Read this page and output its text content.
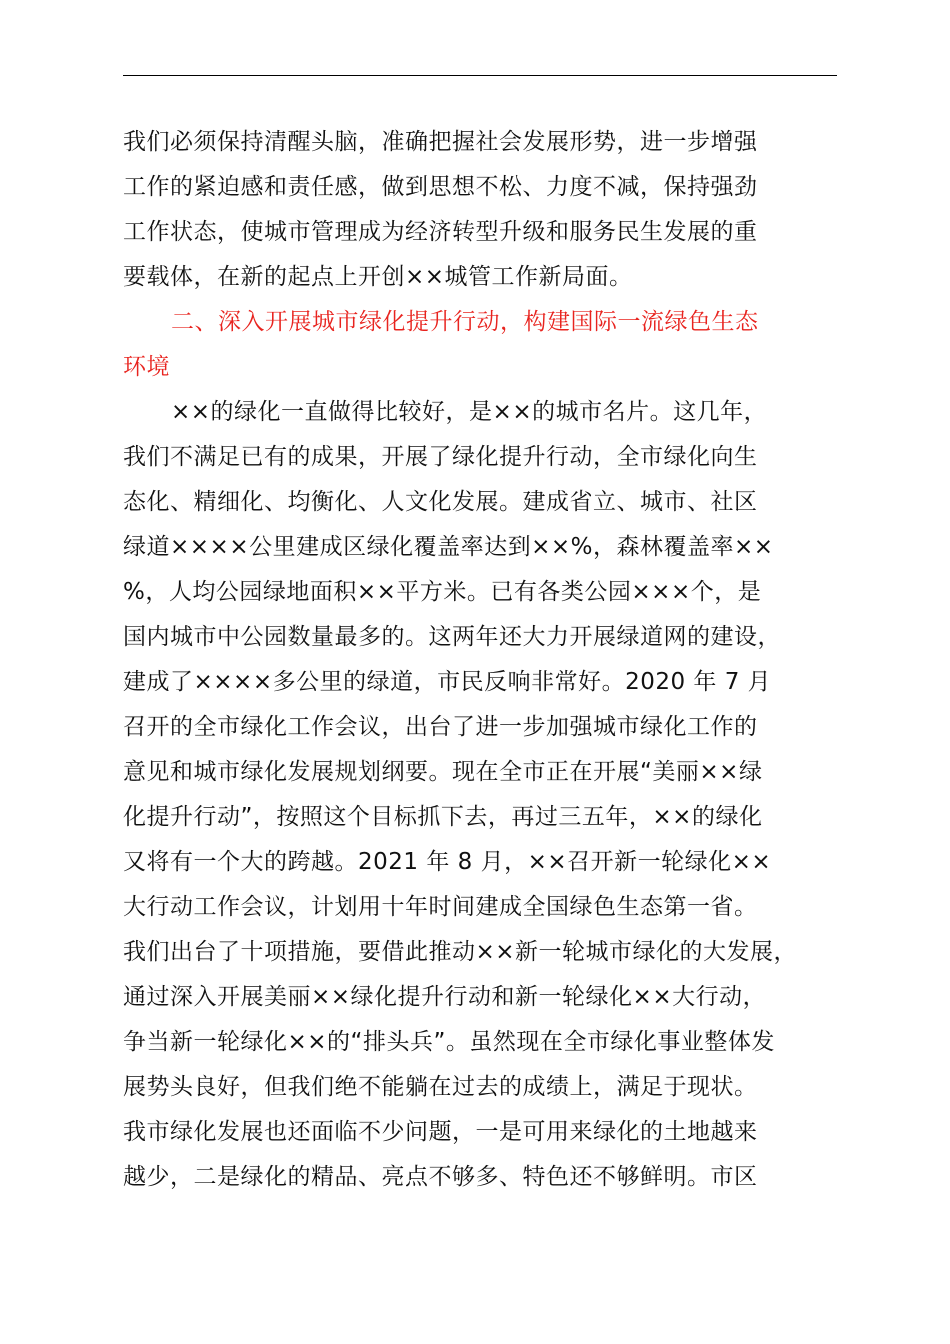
我们必须保持清醒头脑，准确把握社会发展形势，进一步增强
工作的紧迫感和责任感，做到思想不松、力度不减，保持强劲
工作状态，使城市管理成为经济转型升级和服务民生发展的重
要载体，在新的起点上开创××城管工作新局面。
二、深入开展城市绿化提升行动，构建国际一流绿色生态
环境
××的绿化一直做得比较好，是××的城市名片。这几年，
我们不满足已有的成果，开展了绿化提升行动，全市绿化向生
态化、精细化、均衡化、人文化发展。建成省立、城市、社区
绿道××××公里建成区绿化覆盖率达到××%，森林覆盖率××
%，人均公园绿地面积××平方米。已有各类公园×××个，是
国内城市中公园数量最多的。这两年还大力开展绿道网的建设，
建成了××××多公里的绿道，市民反响非常好。2020 年 7 月
召开的全市绿化工作会议，出台了进一步加强城市绿化工作的
意见和城市绿化发展规划纲要。现在全市正在开展“美丽××绿
化提升行动”，按照这个目标抓下去，再过三五年，××的绿化
又将有一个大的跨越。2021 年 8 月，××召开新一轮绿化××
大行动工作会议，计划用十年时间建成全国绿色生态第一省。
我们出台了十项措施，要借此推动××新一轮城市绿化的大发展，
通过深入开展美丽××绿化提升行动和新一轮绿化××大行动，
争当新一轮绿化××的“排头兵”。虽然现在全市绿化事业整体发
展势头良好，但我们绝不能躺在过去的成绩上，满足于现状。
我市绿化发展也还面临不少问题，一是可用来绿化的土地越来
越少，二是绿化的精品、亮点不够多、特色还不够鲜明。市区
